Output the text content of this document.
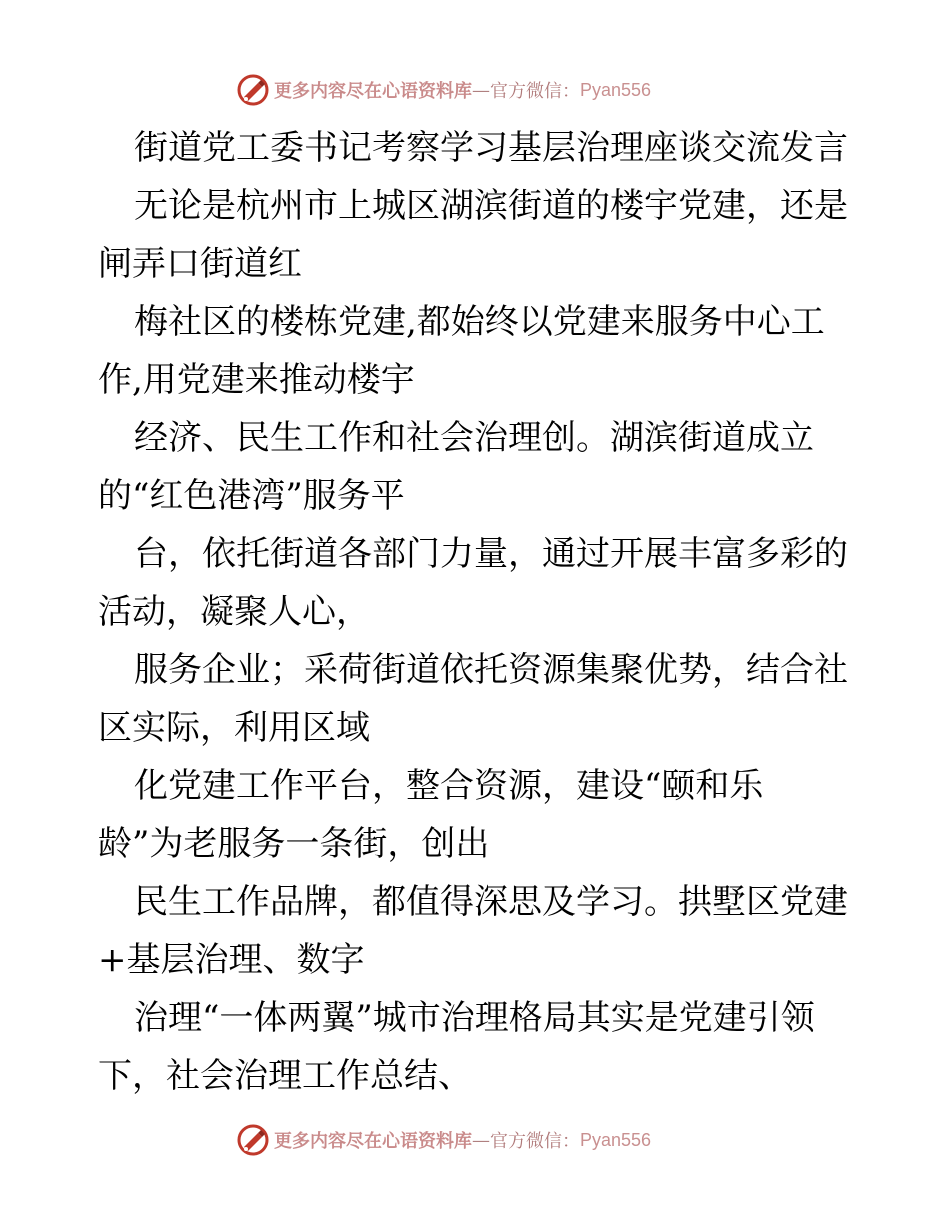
更多内容尽在心语资料库 — 官方微信： Pyan556
街道党工委书记考察学习基层治理座谈交流发言
无论是杭州市上城区湖滨街道的楼宇党建，还是
闸弄口街道红
梅社区的楼栋党建,都始终以党建来服务中心工
作,用党建来推动楼宇
经济、民生工作和社会治理创。湖滨街道成立
的“红色港湾”服务平
台，依托街道各部门力量，通过开展丰富多彩的
活动，凝聚人心，
服务企业；采荷街道依托资源集聚优势，结合社
区实际，利用区域
化党建工作平台，整合资源，建设“颐和乐
龄”为老服务一条街，创出
民生工作品牌，都值得深思及学习。拱墅区党建
+基层治理、数字
治理“一体两翼”城市治理格局其实是党建引领
下，社会治理工作总结、
更多内容尽在心语资料库 — 官方微信： Pyan556
